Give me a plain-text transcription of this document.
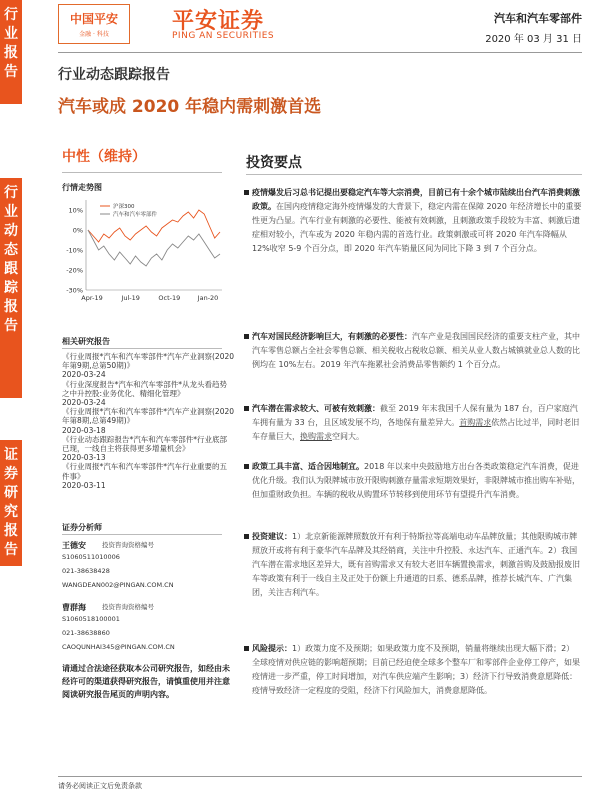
行业报告
行业动态跟踪报告
证券研究报告
中国平安
金融 · 科技
平安证券
PING AN SECURITIES
汽车和汽车零部件
2020 年 03 月 31 日
行业动态跟踪报告
汽车或成 2020 年稳内需刺激首选
中性（维持）
行情走势图
10%
0%
-10%
-20%
-30%
Apr-19	Jul-19	Oct-19	Jan-20
沪深300
汽车和汽车零部件
相关研究报告
《行业周报*汽车和汽车零部件*汽车产业洞察(2020年第9期,总第50期)》
2020-03-24
《行业深度报告*汽车和汽车零部件*从龙头看趋势之中升控股:业务优化、精细化管理》
2020-03-24
《行业周报*汽车和汽车零部件*汽车产业洞察(2020年第8期,总第49期)》
2020-03-18
《行业动态跟踪报告*汽车和汽车零部件*行业底部已现，一线自主将获得更多增量机会》
2020-03-13
《行业周报*汽车和汽车零部件*汽车行业重要的五件事》
2020-03-11
证券分析师
王德安 投资咨询资格编号
S1060511010006
021-38638428
WANGDEAN002@PINGAN.COM.CN
曹群海 投资咨询资格编号
S1060518100001
021-38638860
CAOQUNHAI345@PINGAN.COM.CN
请通过合法途径获取本公司研究报告，如经由未经许可的渠道获得研究报告，请慎重使用并注意阅读研究报告尾页的声明内容。
投资要点
疫情爆发后习总书记提出要稳定汽车等大宗消费，目前已有十余个城市陆续出台汽车消费刺激政策。在国内疫情稳定海外疫情爆发的大背景下，稳定内需在保障 2020 年经济增长中的重要性更为凸显。汽车行业有刺激的必要性、能被有效刺激，且刺激政策手段较为丰富、刺激后遗症相对较小，汽车或为 2020 年稳内需的首选行业。政策刺激或可将 2020 年汽车降幅从 12%收窄 5-9 个百分点，即 2020 年汽车销量区间为同比下降 3 到 7 个百分点。
汽车对国民经济影响巨大，有刺激的必要性：汽车产业是我国国民经济的重要支柱产业，其中汽车零售总额占全社会零售总额、相关税收占税收总额、相关从业人数占城镇就业总人数的比例均在 10%左右。2019 年汽车拖累社会消费品零售额约 1 个百分点。
汽车潜在需求较大、可被有效刺激：截至 2019 年末我国千人保有量为 187 台，百户家庭汽车拥有量为 33 台，且区域发展不均，各地保有量差异大。首购需求依然占比过半，同时老旧车存量巨大，换购需求空间大。
政策工具丰富、适合因地制宜。2018 年以来中央鼓励地方出台各类政策稳定汽车消费，促进优化升级。我们认为限牌城市放开限购刺激存量需求短期效果好，非限牌城市推出购车补贴，但加重财政负担。车辆的税收从购置环节转移到使用环节有望提升汽车消费。
投资建议：1）北京新能源牌照数放开有利于特斯拉等高端电动车品牌放量；其他限购城市牌照放开或将有利于豪华汽车品牌及其经销商，关注中升控股、永达汽车、正通汽车。2）我国汽车潜在需求地区差异大，既有首购需求又有较大老旧车辆置换需求，刺激首购及鼓励报废旧车等政策有利于一线自主及正处于份额上升通道的日系、德系品牌，推荐长城汽车、广汽集团，关注吉利汽车。
风险提示：1）政策力度不及预期；如果政策力度不及预期，销量将继续出现大幅下滑；2）全球疫情对供应链的影响超预期；目前已经迫使全球多个整车厂和零部件企业停工停产，如果疫情进一步严重，停工时间增加，对汽车供应端产生影响；3）经济下行导致消费意愿降低：疫情导致经济一定程度的受阻，经济下行风险加大，消费意愿降低。
请务必阅读正文后免责条款
